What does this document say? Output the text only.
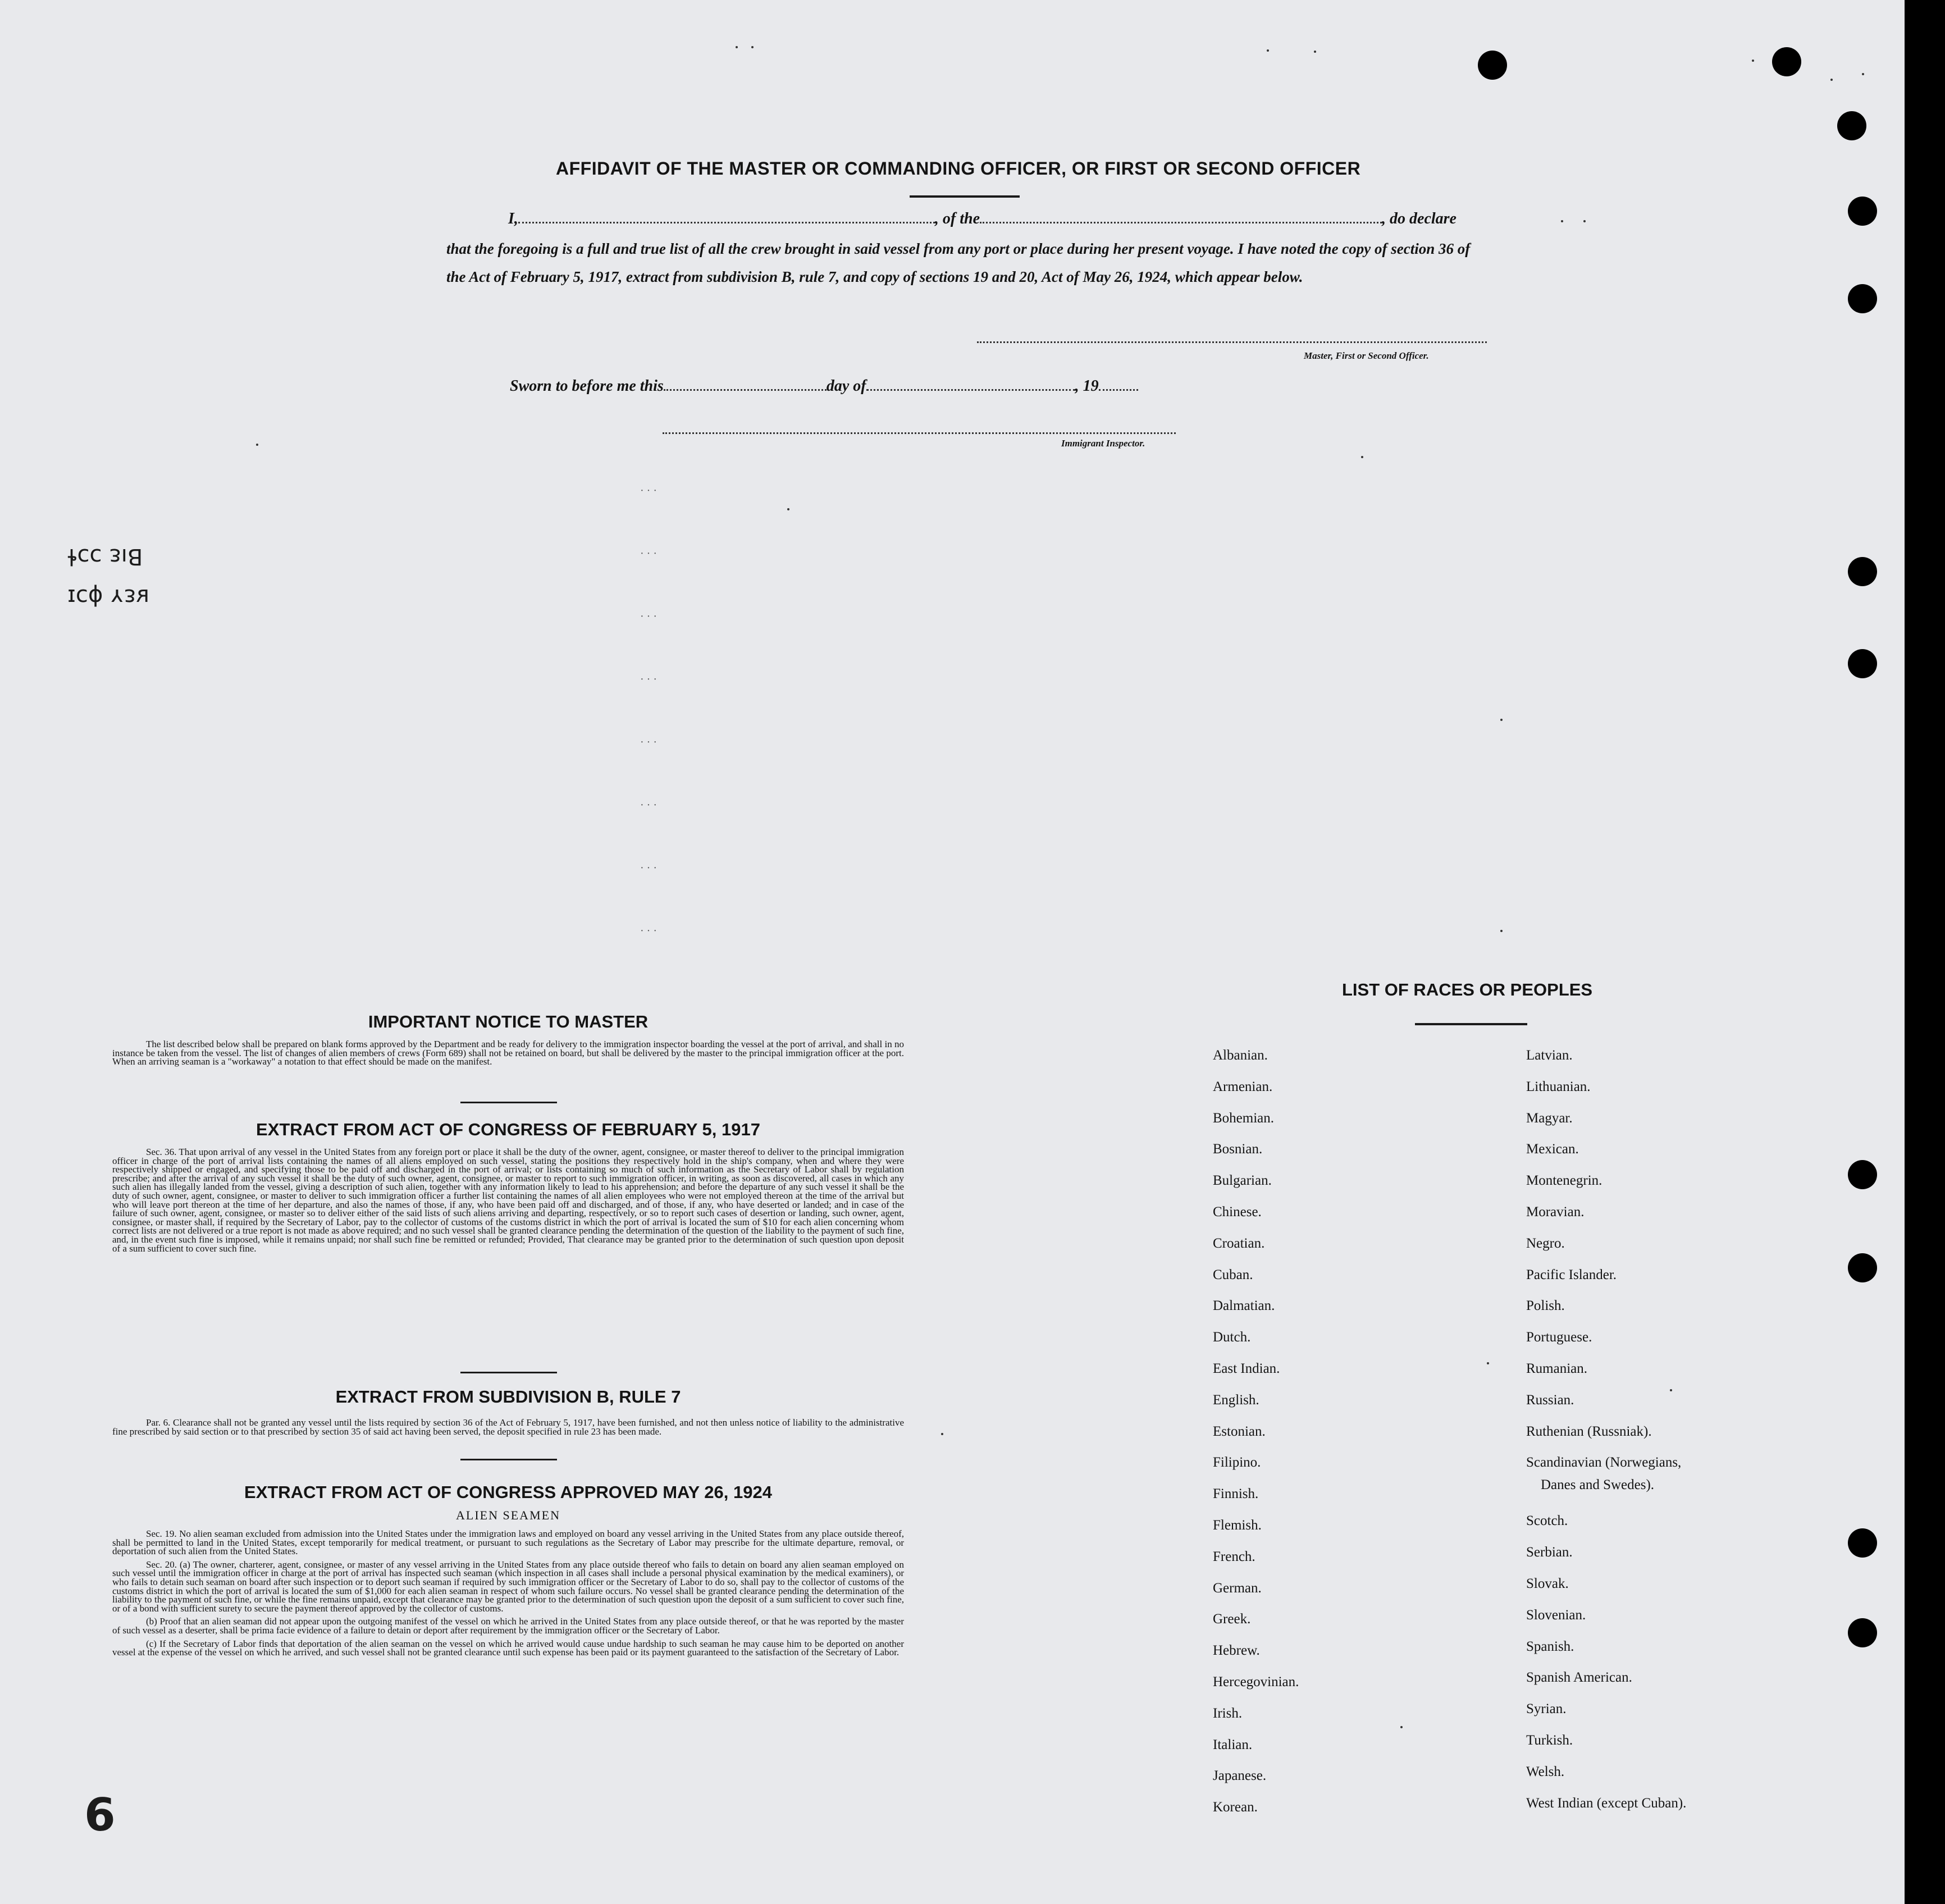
· · ·
· · ·
· · ·
· · ·
· · ·
· · ·
· · ·
· · ·
AFFIDAVIT OF THE MASTER OR COMMANDING OFFICER, OR FIRST OR SECOND OFFICER
I,	, of the	, do declare
that the foregoing is a full and true list of all the crew brought in said vessel from any port or place during her present voyage. I have noted the copy of section 36 of the Act of February 5, 1917, extract from subdivision B, rule 7, and copy of sections 19 and 20, Act of May 26, 1924, which appear below.
Master, First or Second Officer.
Sworn to before me this	day of	, 19
Immigrant Inspector.
Bıɛ ɔɔɬ
ʁɛʏ ɸɔɪ
6
IMPORTANT NOTICE TO MASTER
The list described below shall be prepared on blank forms approved by the Department and be ready for delivery to the immigration inspector boarding the vessel at the port of arrival, and shall in no instance be taken from the vessel. The list of changes of alien members of crews (Form 689) shall not be retained on board, but shall be delivered by the master to the principal immigration officer at the port. When an arriving seaman is a "workaway" a notation to that effect should be made on the manifest.
EXTRACT FROM ACT OF CONGRESS OF FEBRUARY 5, 1917
Sec. 36. That upon arrival of any vessel in the United States from any foreign port or place it shall be the duty of the owner, agent, consignee, or master thereof to deliver to the principal immigration officer in charge of the port of arrival lists containing the names of all aliens employed on such vessel, stating the positions they respectively hold in the ship's company, when and where they were respectively shipped or engaged, and specifying those to be paid off and discharged in the port of arrival; or lists containing so much of such information as the Secretary of Labor shall by regulation prescribe; and after the arrival of any such vessel it shall be the duty of such owner, agent, consignee, or master to report to such immigration officer, in writing, as soon as discovered, all cases in which any such alien has illegally landed from the vessel, giving a description of such alien, together with any information likely to lead to his apprehension; and before the departure of any such vessel it shall be the duty of such owner, agent, consignee, or master to deliver to such immigration officer a further list containing the names of all alien employees who were not employed thereon at the time of the arrival but who will leave port thereon at the time of her departure, and also the names of those, if any, who have been paid off and discharged, and of those, if any, who have deserted or landed; and in case of the failure of such owner, agent, consignee, or master so to deliver either of the said lists of such aliens arriving and departing, respectively, or so to report such cases of desertion or landing, such owner, agent, consignee, or master shall, if required by the Secretary of Labor, pay to the collector of customs of the customs district in which the port of arrival is located the sum of $10 for each alien concerning whom correct lists are not delivered or a true report is not made as above required; and no such vessel shall be granted clearance pending the determination of the question of the liability to the payment of such fine, and, in the event such fine is imposed, while it remains unpaid; nor shall such fine be remitted or refunded; Provided, That clearance may be granted prior to the determination of such question upon deposit of a sum sufficient to cover such fine.
EXTRACT FROM SUBDIVISION B, RULE 7
Par. 6. Clearance shall not be granted any vessel until the lists required by section 36 of the Act of February 5, 1917, have been furnished, and not then unless notice of liability to the administrative fine prescribed by said section or to that prescribed by section 35 of said act having been served, the deposit specified in rule 23 has been made.
EXTRACT FROM ACT OF CONGRESS APPROVED MAY 26, 1924
ALIEN SEAMEN
Sec. 19. No alien seaman excluded from admission into the United States under the immigration laws and employed on board any vessel arriving in the United States from any place outside thereof, shall be permitted to land in the United States, except temporarily for medical treatment, or pursuant to such regulations as the Secretary of Labor may prescribe for the ultimate departure, removal, or deportation of such alien from the United States.
Sec. 20. (a) The owner, charterer, agent, consignee, or master of any vessel arriving in the United States from any place outside thereof who fails to detain on board any alien seaman employed on such vessel until the immigration officer in charge at the port of arrival has inspected such seaman (which inspection in all cases shall include a personal physical examination by the medical examiners), or who fails to detain such seaman on board after such inspection or to deport such seaman if required by such immigration officer or the Secretary of Labor to do so, shall pay to the collector of customs of the customs district in which the port of arrival is located the sum of $1,000 for each alien seaman in respect of whom such failure occurs. No vessel shall be granted clearance pending the determination of the liability to the payment of such fine, or while the fine remains unpaid, except that clearance may be granted prior to the determination of such question upon the deposit of a sum sufficient to cover such fine, or of a bond with sufficient surety to secure the payment thereof approved by the collector of customs.
(b) Proof that an alien seaman did not appear upon the outgoing manifest of the vessel on which he arrived in the United States from any place outside thereof, or that he was reported by the master of such vessel as a deserter, shall be prima facie evidence of a failure to detain or deport after requirement by the immigration officer or the Secretary of Labor.
(c) If the Secretary of Labor finds that deportation of the alien seaman on the vessel on which he arrived would cause undue hardship to such seaman he may cause him to be deported on another vessel at the expense of the vessel on which he arrived, and such vessel shall not be granted clearance until such expense has been paid or its payment guaranteed to the satisfaction of the Secretary of Labor.
LIST OF RACES OR PEOPLES
Albanian.
Armenian.
Bohemian.
Bosnian.
Bulgarian.
Chinese.
Croatian.
Cuban.
Dalmatian.
Dutch.
East Indian.
English.
Estonian.
Filipino.
Finnish.
Flemish.
French.
German.
Greek.
Hebrew.
Hercegovinian.
Irish.
Italian.
Japanese.
Korean.
Latvian.
Lithuanian.
Magyar.
Mexican.
Montenegrin.
Moravian.
Negro.
Pacific Islander.
Polish.
Portuguese.
Rumanian.
Russian.
Ruthenian (Russniak).
Scandinavian (Norwegians,
Danes and Swedes).
Scotch.
Serbian.
Slovak.
Slovenian.
Spanish.
Spanish American.
Syrian.
Turkish.
Welsh.
West Indian (except Cuban).
